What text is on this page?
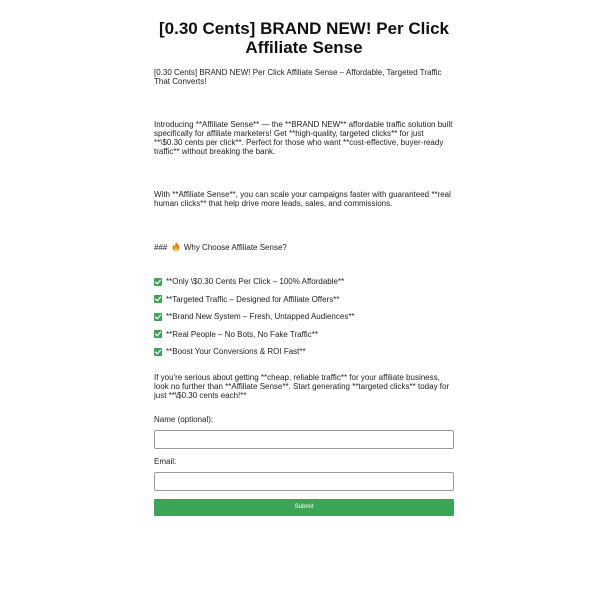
[0.30 Cents] BRAND NEW! Per Click Affiliate Sense

[0.30 Cents] BRAND NEW! Per Click Affiliate Sense – Affordable, Targeted Traffic That Converts!

Introducing **Affiliate Sense** — the **BRAND NEW** affordable traffic solution built specifically for affiliate marketers! Get **high-quality, targeted clicks** for just **\$0.30 cents per click**. Perfect for those who want **cost-effective, buyer-ready traffic** without breaking the bank.

With **Affiliate Sense**, you can scale your campaigns faster with guaranteed **real human clicks** that help drive more leads, sales, and commissions.

### Why Choose Affiliate Sense?

**Only \$0.30 Cents Per Click – 100% Affordable**
**Targeted Traffic – Designed for Affiliate Offers**
**Brand New System – Fresh, Untapped Audiences**
**Real People – No Bots, No Fake Traffic**
**Boost Your Conversions & ROI Fast**

If you're serious about getting **cheap, reliable traffic** for your affiliate business, look no further than **Affiliate Sense**. Start generating **targeted clicks** today for just **\$0.30 cents each!**

Name (optional):
Email:
Submit
